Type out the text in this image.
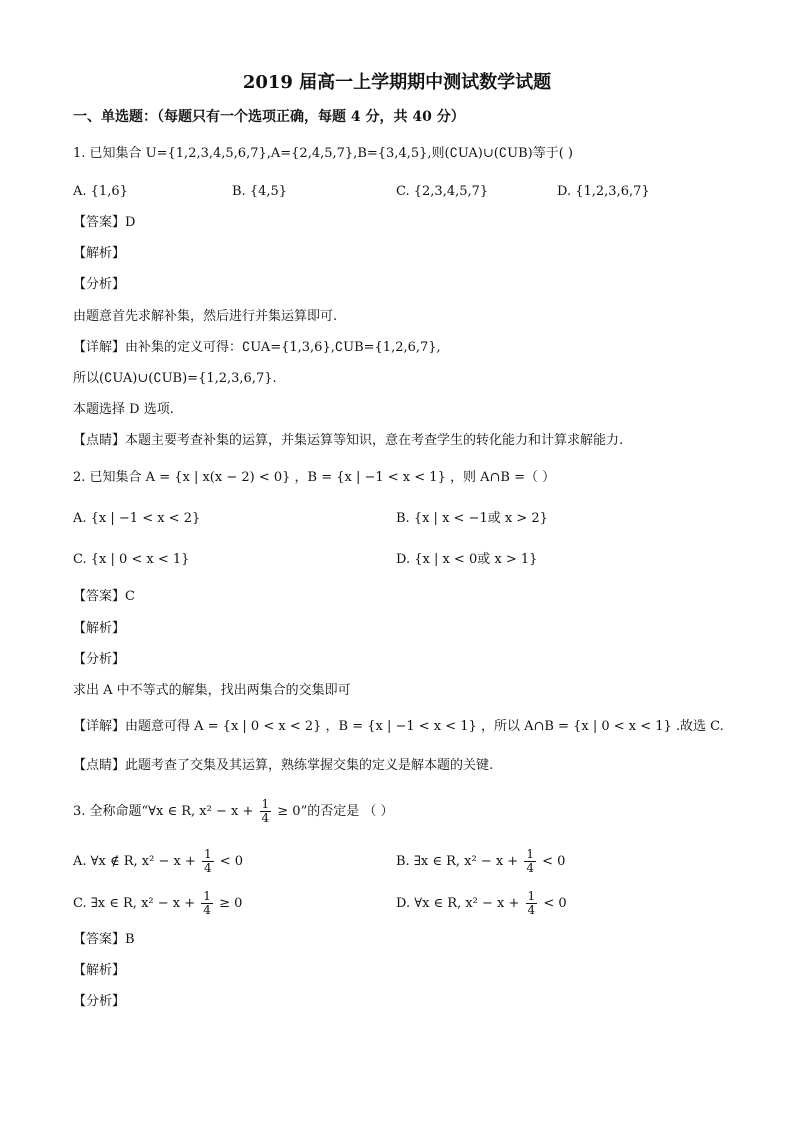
2019 届高一上学期期中测试数学试题
一、单选题：（每题只有一个选项正确，每题 4 分，共 40 分）
1. 已知集合 U={1,2,3,4,5,6,7},A={2,4,5,7},B={3,4,5},则(∁UA)∪(∁UB)等于( )
A. {1,6}	B. {4,5}	C. {2,3,4,5,7}	D. {1,2,3,6,7}
【答案】D
【解析】
【分析】
由题意首先求解补集，然后进行并集运算即可.
【详解】由补集的定义可得：∁UA={1,3,6},∁UB={1,2,6,7},
所以(∁UA)∪(∁UB)={1,2,3,6,7}.
本题选择 D 选项.
【点睛】本题主要考查补集的运算，并集运算等知识，意在考查学生的转化能力和计算求解能力.
2. 已知集合 A = {x | x(x − 2) < 0} ，B = {x | −1 < x < 1} ，则 A∩B =（ ）
A. {x | −1 < x < 2}	B. {x | x < −1或 x > 2}
C. {x | 0 < x < 1}	D. {x | x < 0或 x > 1}
【答案】C
【解析】
【分析】
求出 A 中不等式的解集，找出两集合的交集即可
【详解】由题意可得 A = {x | 0 < x < 2} ，B = {x | −1 < x < 1} ，所以 A∩B = {x | 0 < x < 1} .故选 C.
【点睛】此题考查了交集及其运算，熟练掌握交集的定义是解本题的关键.
3. 全称命题“∀x ∈ R, $x^2 - x + \frac{1}{4} \ge 0$”的否定是 （ ）
A. ∀x ∉ R, $x^2 - x + \frac{1}{4} < 0$	B. ∃x ∈ R, $x^2 - x + \frac{1}{4} < 0$
C. ∃x ∈ R, $x^2 - x + \frac{1}{4} \ge 0$	D. ∀x ∈ R, $x^2 - x + \frac{1}{4} < 0$
【答案】B
【解析】
【分析】
